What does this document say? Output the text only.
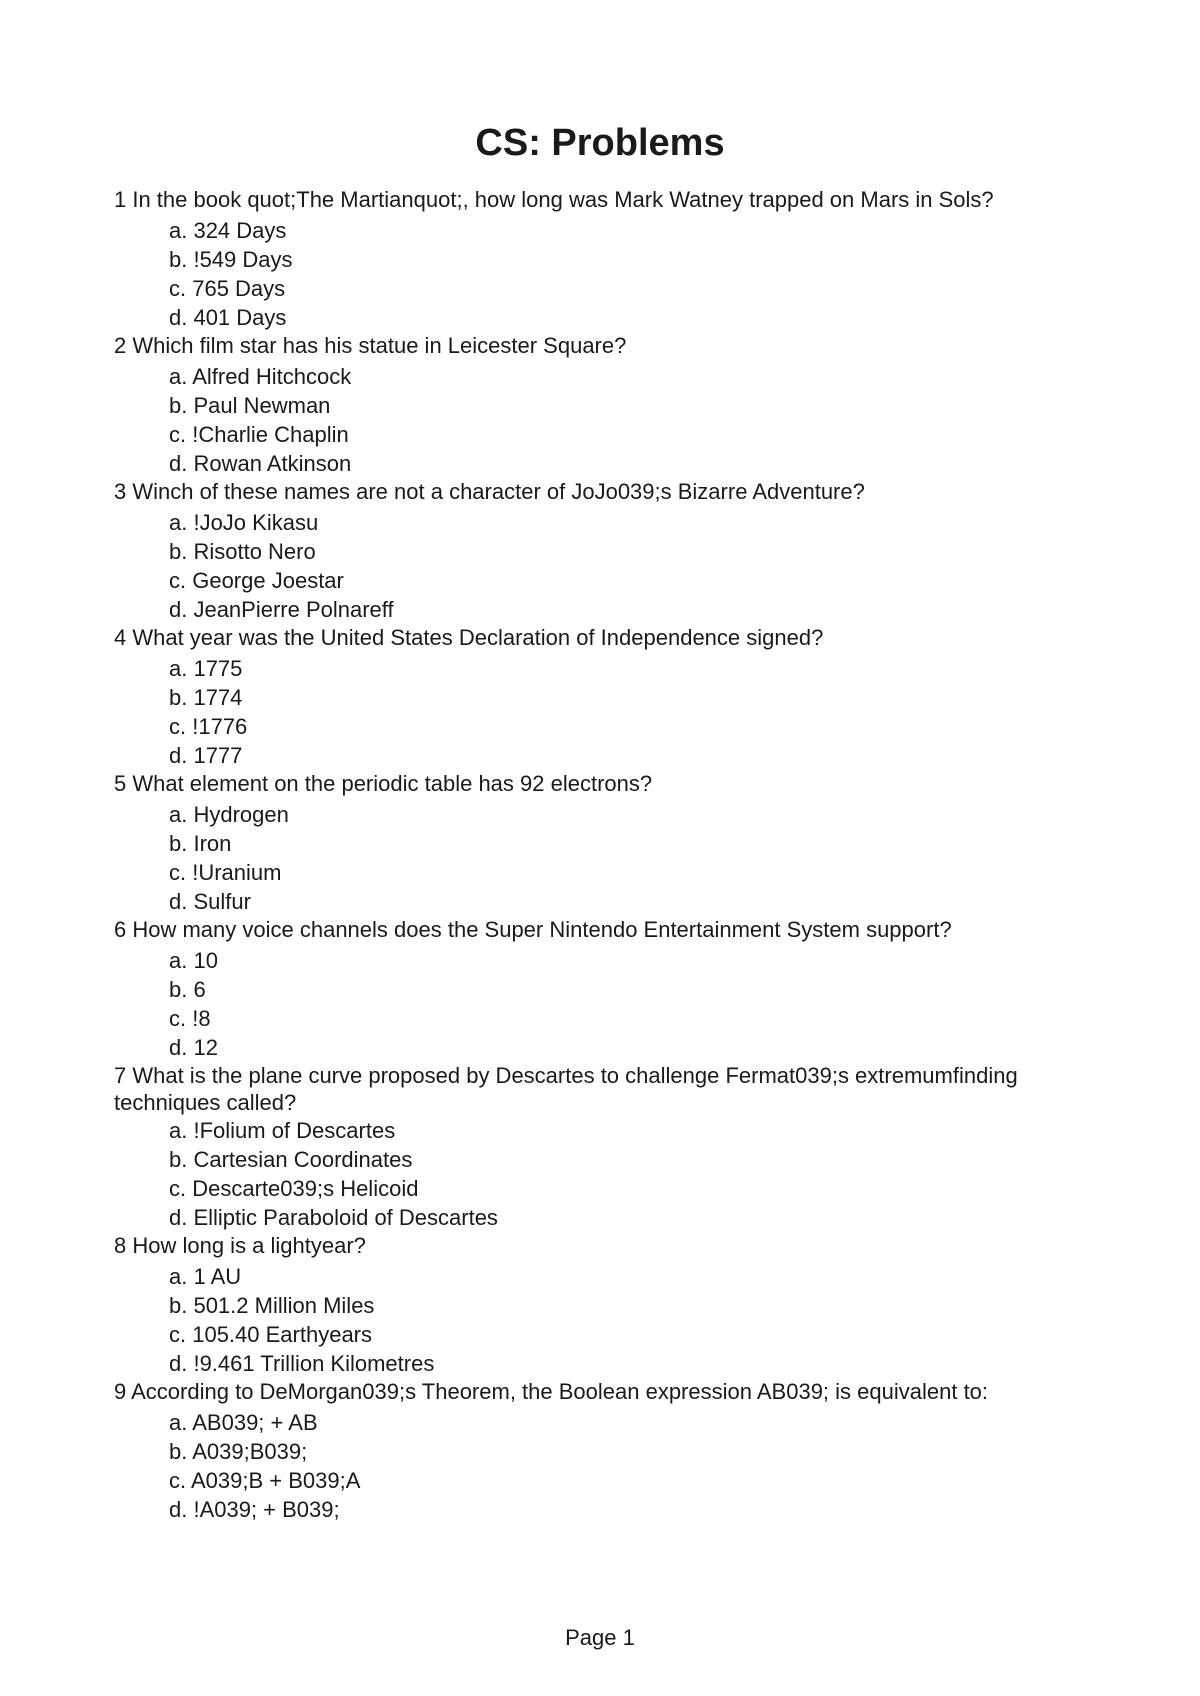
CS: Problems
1 In the book quot;The Martianquot;, how long was Mark Watney trapped on Mars in Sols?
a. 324 Days
b. !549 Days
c. 765 Days
d. 401 Days
2 Which film star has his statue in Leicester Square?
a. Alfred Hitchcock
b. Paul Newman
c. !Charlie Chaplin
d. Rowan Atkinson
3 Winch of these names are not a character of JoJo039;s Bizarre Adventure?
a. !JoJo Kikasu
b. Risotto Nero
c. George Joestar
d. JeanPierre Polnareff
4 What year was the United States Declaration of Independence signed?
a. 1775
b. 1774
c. !1776
d. 1777
5 What element on the periodic table has 92 electrons?
a. Hydrogen
b. Iron
c. !Uranium
d. Sulfur
6 How many voice channels does the Super Nintendo Entertainment System support?
a. 10
b. 6
c. !8
d. 12
7 What is the plane curve proposed by Descartes to challenge Fermat039;s extremumfinding techniques called?
a. !Folium of Descartes
b. Cartesian Coordinates
c. Descarte039;s Helicoid
d. Elliptic Paraboloid of Descartes
8 How long is a lightyear?
a. 1 AU
b. 501.2 Million Miles
c. 105.40 Earthyears
d. !9.461 Trillion Kilometres
9 According to DeMorgan039;s Theorem, the Boolean expression AB039; is equivalent to:
a. AB039; + AB
b. A039;B039;
c. A039;B + B039;A
d. !A039; + B039;
Page 1
